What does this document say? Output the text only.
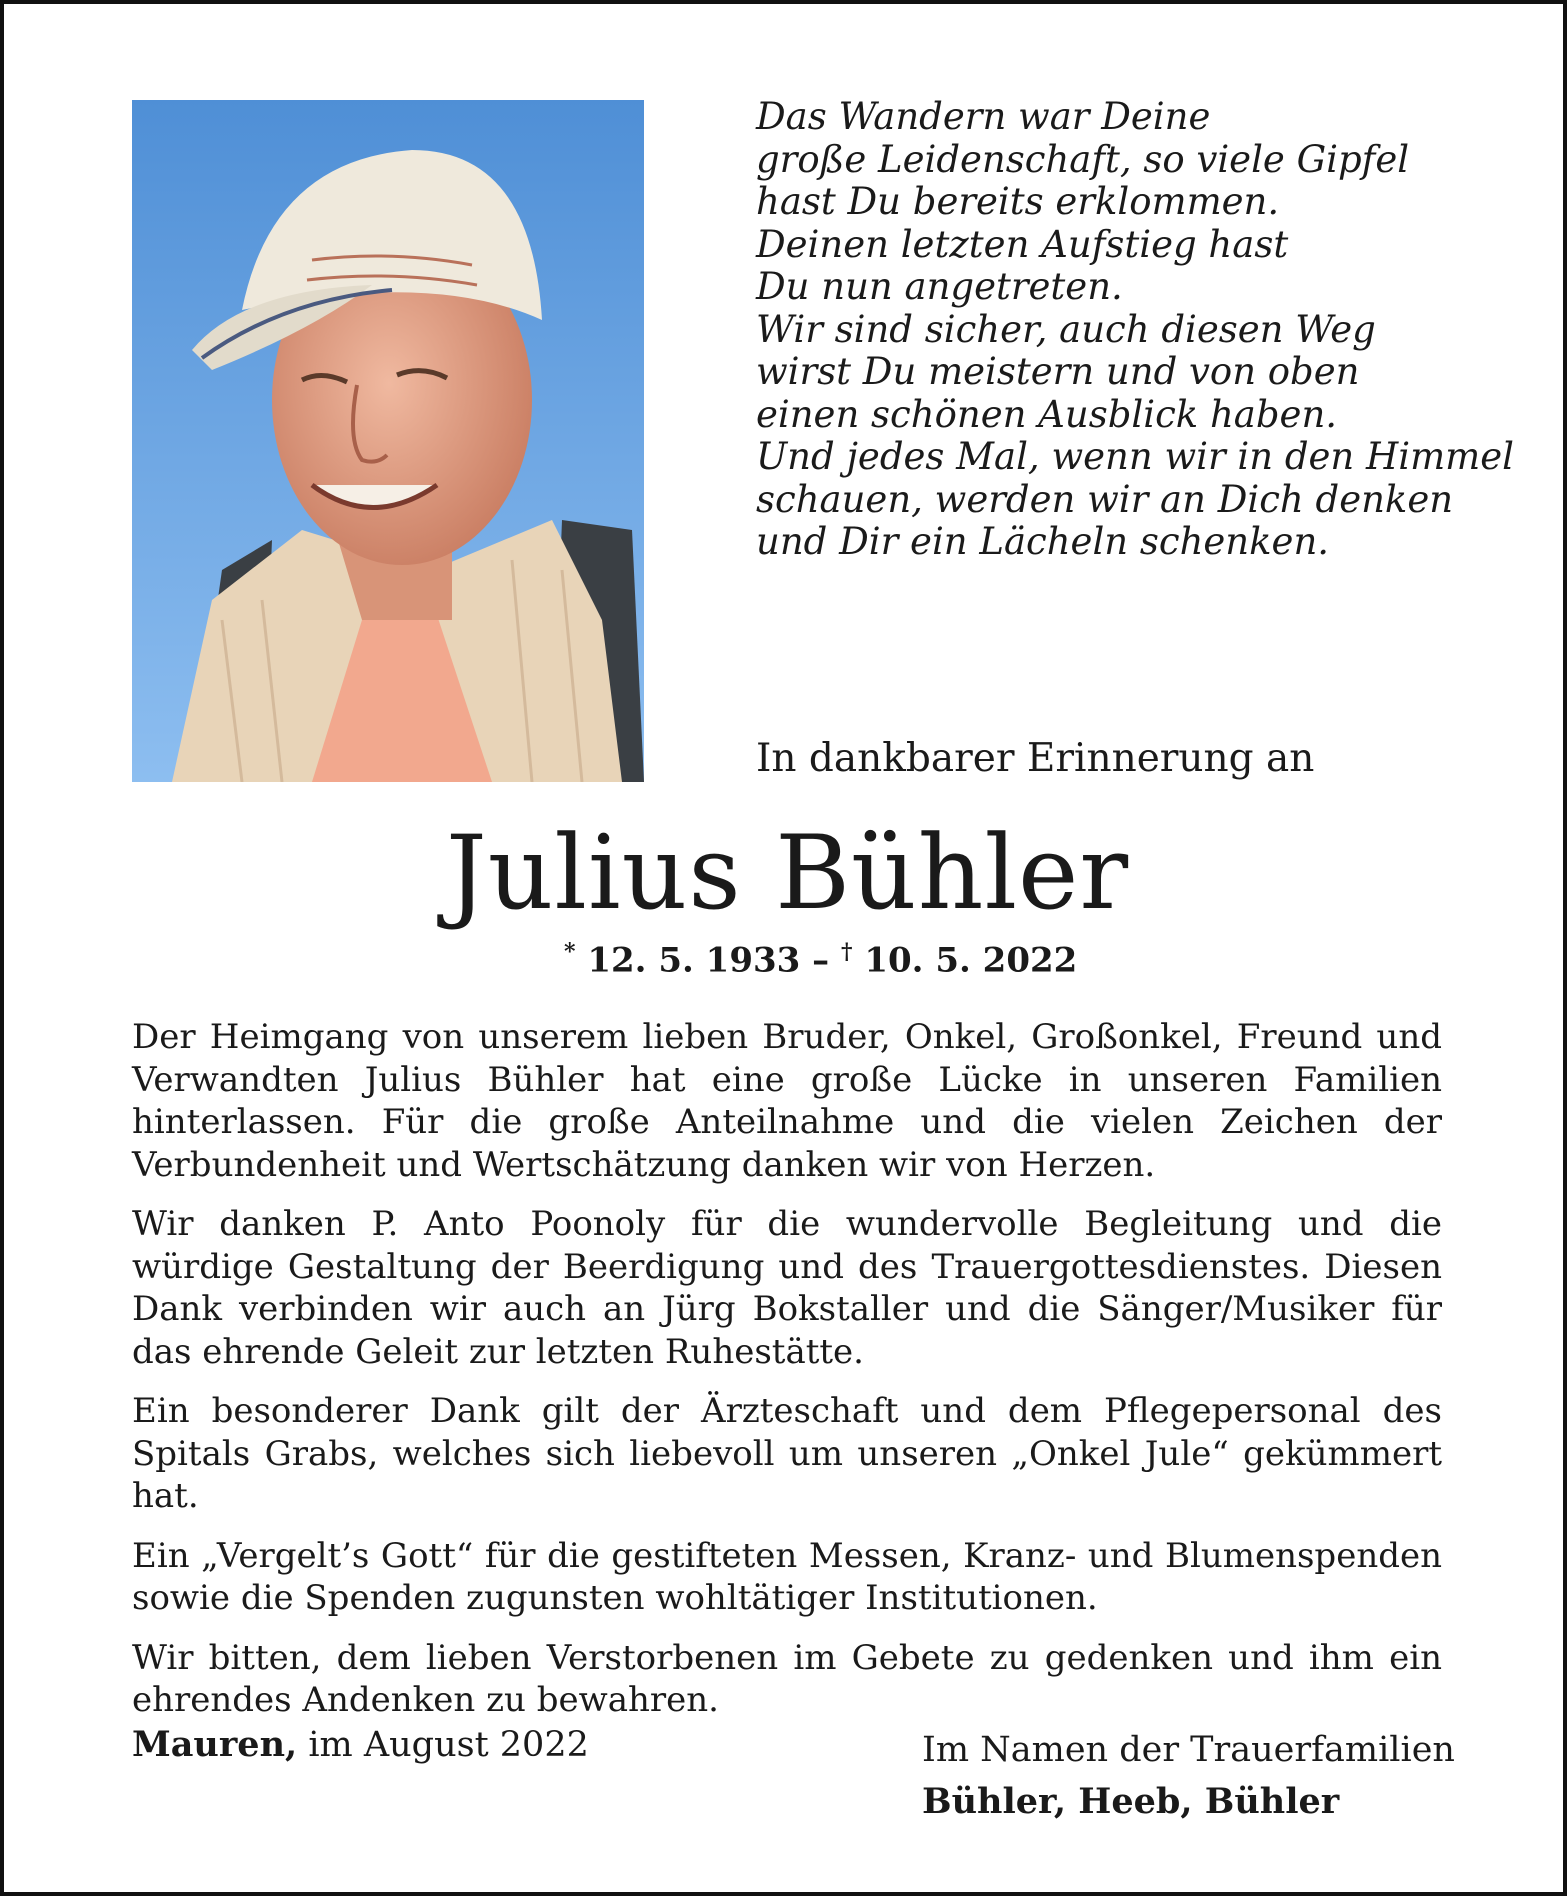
Das Wandern war Deine
große Leidenschaft, so viele Gipfel
hast Du bereits erklommen.
Deinen letzten Aufstieg hast
Du nun angetreten.
Wir sind sicher, auch diesen Weg
wirst Du meistern und von oben
einen schönen Ausblick haben.
Und jedes Mal, wenn wir in den Himmel
schauen, werden wir an Dich denken
und Dir ein Lächeln schenken.
In dankbarer Erinnerung an
Julius Bühler
* 12. 5. 1933 – † 10. 5. 2022

Der Heimgang von unserem lieben Bruder, Onkel, Großonkel, Freund und Verwandten Julius Bühler hat eine große Lücke in unseren Familien hinterlassen. Für die große Anteilnahme und die vielen Zeichen der Verbundenheit und Wertschätzung danken wir von Herzen.

Wir danken P. Anto Poonoly für die wundervolle Begleitung und die würdige Gestaltung der Beerdigung und des Trauergottesdienstes. Diesen Dank verbinden wir auch an Jürg Bokstaller und die Sänger/Musiker für das ehrende Geleit zur letzten Ruhestätte.

Ein besonderer Dank gilt der Ärzteschaft und dem Pflegepersonal des Spitals Grabs, welches sich liebevoll um unseren „Onkel Jule“ gekümmert hat.

Ein „Vergelt’s Gott“ für die gestifteten Messen, Kranz- und Blumenspenden sowie die Spenden zugunsten wohltätiger Institutionen.

Wir bitten, dem lieben Verstorbenen im Gebete zu gedenken und ihm ein ehrendes Andenken zu bewahren.

Mauren, im August 2022	Im Namen der Trauerfamilien
Bühler, Heeb, Bühler
